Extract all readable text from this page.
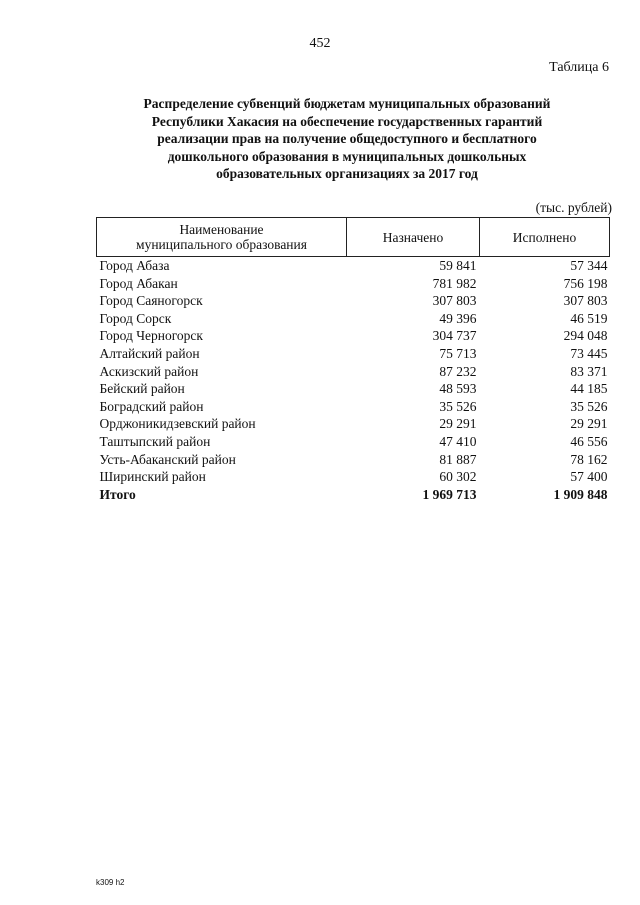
452
Таблица 6
Распределение субвенций бюджетам муниципальных образований
Республики Хакасия на обеспечение государственных гарантий
реализации прав на получение общедоступного и бесплатного
дошкольного образования в муниципальных дошкольных
образовательных организациях за 2017 год
(тыс. рублей)
Наименование
муниципального образования	Назначено	Исполнено
Город Абаза	59 841	57 344
Город Абакан	781 982	756 198
Город Саяногорск	307 803	307 803
Город Сорск	49 396	46 519
Город Черногорск	304 737	294 048
Алтайский район	75 713	73 445
Аскизский район	87 232	83 371
Бейский район	48 593	44 185
Боградский район	35 526	35 526
Орджоникидзевский район	29 291	29 291
Таштыпский район	47 410	46 556
Усть-Абаканский район	81 887	78 162
Ширинский район	60 302	57 400
Итого	1 969 713	1 909 848
k309 h2
